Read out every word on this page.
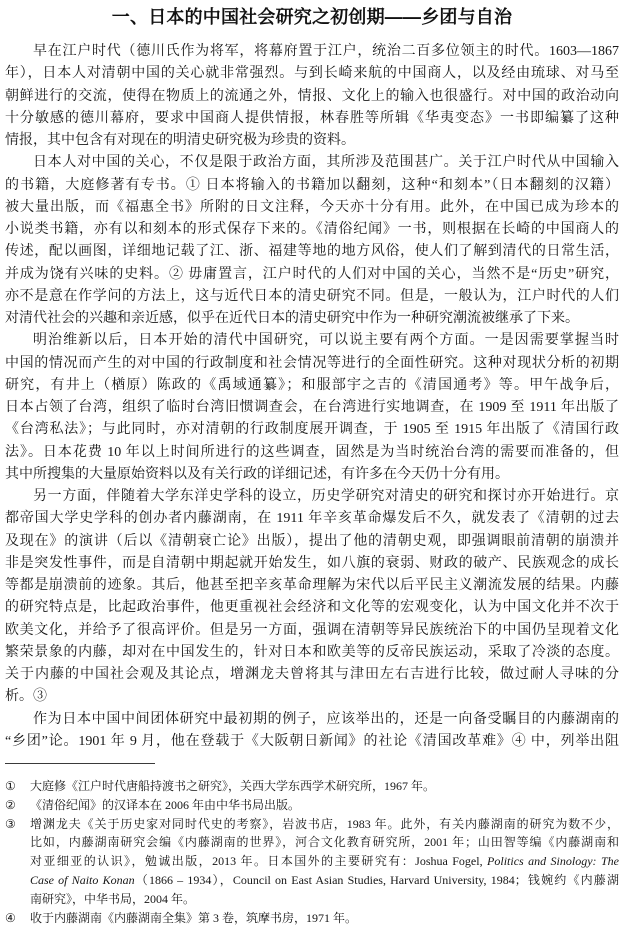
一、日本的中国社会研究之初创期——乡团与自治
早在江户时代（德川氏作为将军，将幕府置于江户，统治二百多位领主的时代。1603—1867
年），日本人对清朝中国的关心就非常强烈。与到长崎来航的中国商人，以及经由琉球、对马至
朝鲜进行的交流，使得在物质上的流通之外，情报、文化上的输入也很盛行。对中国的政治动向
十分敏感的德川幕府，要求中国商人提供情报，林春胜等所辑《华夷变态》一书即编纂了这种
情报，其中包含有对现在的明清史研究极为珍贵的资料。
日本人对中国的关心，不仅是限于政治方面，其所涉及范围甚广。关于江户时代从中国输入
的书籍，大庭修著有专书。① 日本将输入的书籍加以翻刻，这种“和刻本”（日本翻刻的汉籍）
被大量出版，而《福惠全书》所附的日文注释，今天亦十分有用。此外，在中国已成为珍本的
小说类书籍，亦有以和刻本的形式保存下来的。《清俗纪闻》一书，则根据在长崎的中国商人的
传述，配以画图，详细地记载了江、浙、福建等地的地方风俗，使人们了解到清代的日常生活，
并成为饶有兴味的史料。② 毋庸置言，江户时代的人们对中国的关心，当然不是“历史”研究，
亦不是意在作学问的方法上，这与近代日本的清史研究不同。但是，一般认为，江户时代的人们
对清代社会的兴趣和亲近感，似乎在近代日本的清史研究中作为一种研究潮流被继承了下来。
明治维新以后，日本开始的清代中国研究，可以说主要有两个方面。一是因需要掌握当时
中国的情况而产生的对中国的行政制度和社会情况等进行的全面性研究。这种对现状分析的初期
研究，有井上（楢原）陈政的《禹域通纂》；和服部宇之吉的《清国通考》等。甲午战争后，
日本占领了台湾，组织了临时台湾旧惯调查会，在台湾进行实地调查，在 1909 至 1911 年出版了
《台湾私法》；与此同时，亦对清朝的行政制度展开调查，于 1905 至 1915 年出版了《清国行政
法》。日本花费 10 年以上时间所进行的这些调查，固然是为当时统治台湾的需要而准备的，但
其中所搜集的大量原始资料以及有关行政的详细记述，有许多在今天仍十分有用。
另一方面，伴随着大学东洋史学科的设立，历史学研究对清史的研究和探讨亦开始进行。京
都帝国大学史学科的创办者内藤湖南，在 1911 年辛亥革命爆发后不久，就发表了《清朝的过去
及现在》的演讲（后以《清朝衰亡论》出版），提出了他的清朝史观，即强调眼前清朝的崩溃并
非是突发性事件，而是自清朝中期起就开始发生，如八旗的衰弱、财政的破产、民族观念的成长
等都是崩溃前的迹象。其后，他甚至把辛亥革命理解为宋代以后平民主义潮流发展的结果。内藤
的研究特点是，比起政治事件，他更重视社会经济和文化等的宏观变化，认为中国文化并不次于
欧美文化，并给予了很高评价。但是另一方面，强调在清朝等异民族统治下的中国仍呈现着文化
繁荣景象的内藤，却对在中国发生的，针对日本和欧美等的反帝民族运动，采取了冷淡的态度。
关于内藤的中国社会观及其论点，增渊龙夫曾将其与津田左右吉进行比较，做过耐人寻味的分
析。③
作为日本中国中间团体研究中最初期的例子，应该举出的，还是一向备受瞩目的内藤湖南的
“乡团”论。1901 年 9 月，他在登载于《大阪朝日新闻》的社论《清国改革难》④ 中，列举出阻
①	大庭修《江户时代唐船持渡书之研究》，关西大学东西学术研究所，1967 年。
②	《清俗纪闻》的汉译本在 2006 年由中华书局出版。
③	增渊龙夫《关于历史家对同时代史的考察》，岩波书店，1983 年。此外，有关内藤湖南的研究为数不少，
比如，内藤湖南研究会编《内藤湖南的世界》，河合文化教育研究所，2001 年；山田智等编《内藤湖南和
对亚细亚的认识》，勉诚出版，2013 年。日本国外的主要研究有：Joshua Fogel, Politics and Sinology: The
Case of Naito Konan（1866 – 1934），Council on East Asian Studies, Harvard University, 1984；钱婉约《内藤湖
南研究》，中华书局，2004 年。
④	收于内藤湖南《内藤湖南全集》第 3 卷，筑摩书房，1971 年。
